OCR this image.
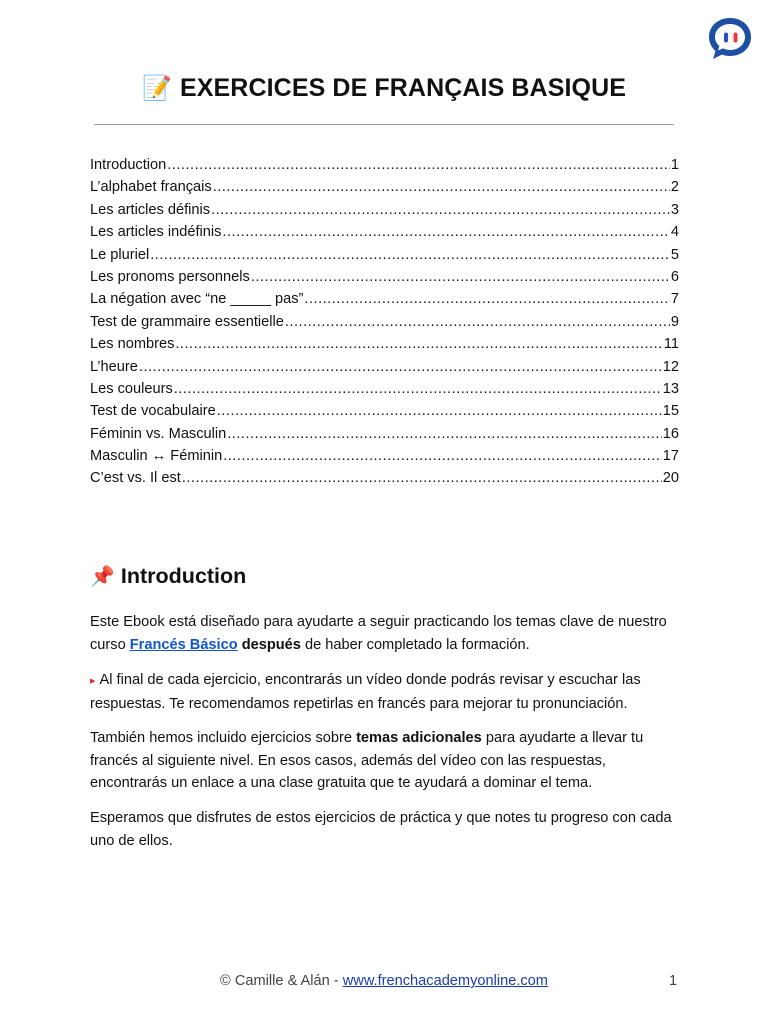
📝 EXERCICES DE FRANÇAIS BASIQUE
Introduction .....	1
L’alphabet français .....	2
Les articles définis .....	3
Les articles indéfinis .....	4
Le pluriel .....	5
Les pronoms personnels .....	6
La négation avec “ne _____ pas” .....	7
Test de grammaire essentielle .....	9
Les nombres .....	11
L’heure .....	12
Les couleurs .....	13
Test de vocabulaire .....	15
Féminin vs. Masculin .....	16
Masculin ↔ Féminin .....	17
C’est vs. Il est .....	20
📌 Introduction

Este Ebook está diseñado para ayudarte a seguir practicando los temas clave de nuestro curso Francés Básico después de haber completado la formación.

▸ Al final de cada ejercicio, encontrarás un vídeo donde podrás revisar y escuchar las respuestas. Te recomendamos repetirlas en francés para mejorar tu pronunciación.

También hemos incluido ejercicios sobre temas adicionales para ayudarte a llevar tu francés al siguiente nivel. En esos casos, además del vídeo con las respuestas, encontrarás un enlace a una clase gratuita que te ayudará a dominar el tema.

Esperamos que disfrutes de estos ejercicios de práctica y que notes tu progreso con cada uno de ellos.

© Camille & Alán - www.frenchacademyonline.com	1
